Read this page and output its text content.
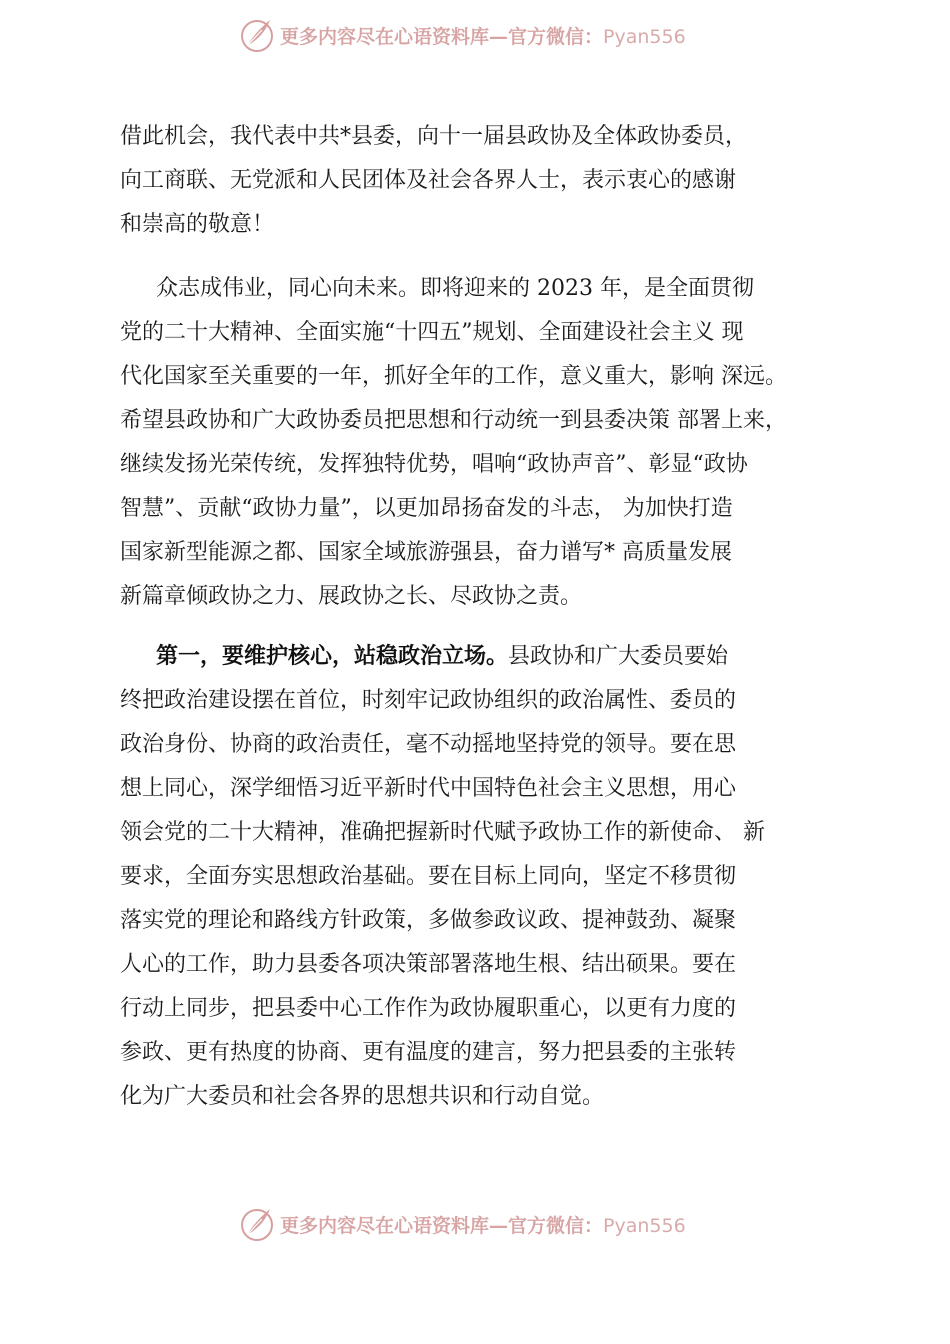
更多内容尽在心语资料库—官方微信：Pyan556
借此机会，我代表中共*县委，向十一届县政协及全体政协委员，
向工商联、无党派和人民团体及社会各界人士，表示衷心的感谢
和崇高的敬意！
众志成伟业，同心向未来。即将迎来的 2023 年，是全面贯彻
党的二十大精神、全面实施“十四五”规划、全面建设社会主义 现
代化国家至关重要的一年，抓好全年的工作，意义重大，影响 深远。
希望县政协和广大政协委员把思想和行动统一到县委决策 部署上来，
继续发扬光荣传统，发挥独特优势，唱响“政协声音”、彰显“政协
智慧”、贡献“政协力量”，以更加昂扬奋发的斗志， 为加快打造
国家新型能源之都、国家全域旅游强县，奋力谱写* 高质量发展
新篇章倾政协之力、展政协之长、尽政协之责。
第一，要维护核心，站稳政治立场。县政协和广大委员要始
终把政治建设摆在首位，时刻牢记政协组织的政治属性、委员的
政治身份、协商的政治责任，毫不动摇地坚持党的领导。要在思
想上同心，深学细悟习近平新时代中国特色社会主义思想，用心
领会党的二十大精神，准确把握新时代赋予政协工作的新使命、 新
要求，全面夯实思想政治基础。要在目标上同向，坚定不移贯彻
落实党的理论和路线方针政策，多做参政议政、提神鼓劲、凝聚
人心的工作，助力县委各项决策部署落地生根、结出硕果。要在
行动上同步，把县委中心工作作为政协履职重心，以更有力度的
参政、更有热度的协商、更有温度的建言，努力把县委的主张转
化为广大委员和社会各界的思想共识和行动自觉。
更多内容尽在心语资料库—官方微信：Pyan556
